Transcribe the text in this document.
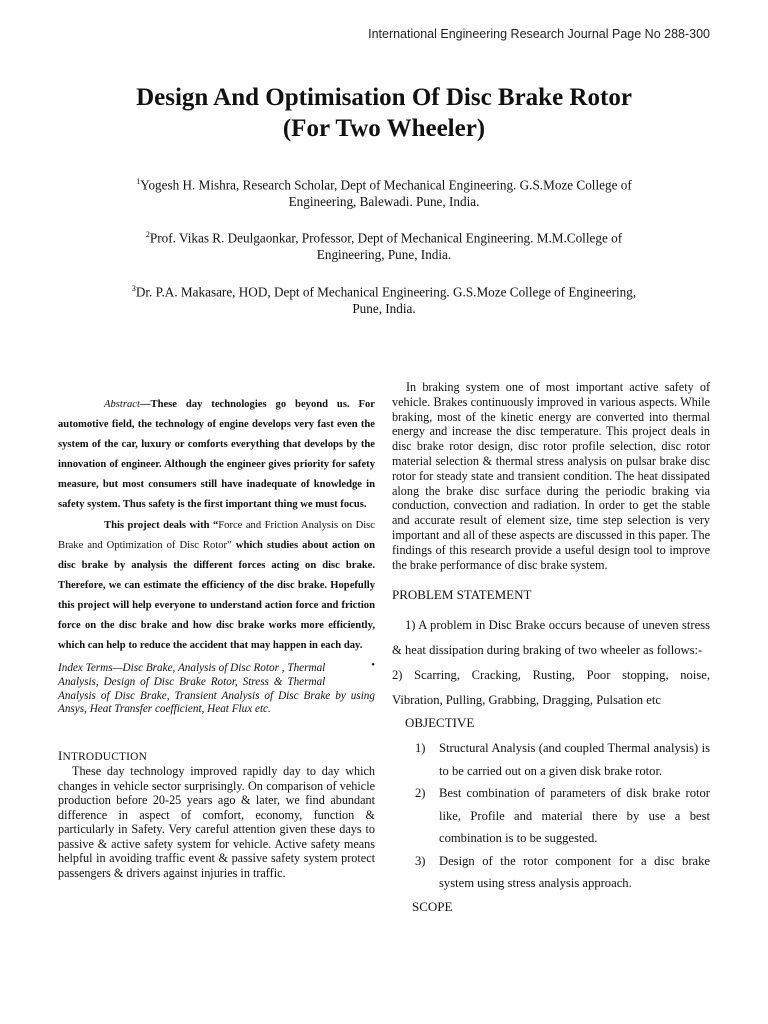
International Engineering Research Journal Page No 288-300
Design And Optimisation Of Disc Brake Rotor
(For Two Wheeler)
$^1$Yogesh H. Mishra, Research Scholar, Dept of Mechanical Engineering. G.S.Moze College of
Engineering, Balewadi. Pune, India.
$^2$Prof. Vikas R. Deulgaonkar, Professor, Dept of Mechanical Engineering. M.M.College of
Engineering, Pune, India.
$^3$Dr. P.A. Makasare, HOD, Dept of Mechanical Engineering. G.S.Moze College of Engineering,
Pune, India.

Abstract—These day technologies go beyond us. For automotive field, the technology of engine develops very fast even the system of the car, luxury or comforts everything that develops by the innovation of engineer. Although the engineer gives priority for safety measure, but most consumers still have inadequate of knowledge in safety system. Thus safety is the first important thing we must focus.

This project deals with “Force and Friction Analysis on Disc Brake and Optimization of Disc Rotor” which studies about action on disc brake by analysis the different forces acting on disc brake. Therefore, we can estimate the efficiency of the disc brake. Hopefully this project will help everyone to understand action force and friction force on the disc brake and how disc brake works more efficiently, which can help to reduce the accident that may happen in each day.
•

Index Terms—Disc Brake, Analysis of Disc Rotor , Thermal Analysis, Design of Disc Brake Rotor, Stress & Thermal Analysis of Disc Brake, Transient Analysis of Disc Brake by using Ansys, Heat Transfer coefficient, Heat Flux etc.

INTRODUCTION

These day technology improved rapidly day to day which changes in vehicle sector surprisingly. On comparison of vehicle production before 20-25 years ago & later, we find abundant difference in aspect of comfort, economy, function & particularly in Safety. Very careful attention given these days to passive & active safety system for vehicle. Active safety means helpful in avoiding traffic event & passive safety system protect passengers & drivers against injuries in traffic.

In braking system one of most important active safety of vehicle. Brakes continuously improved in various aspects. While braking, most of the kinetic energy are converted into thermal energy and increase the disc temperature. This project deals in disc brake rotor design, disc rotor profile selection, disc rotor material selection & thermal stress analysis on pulsar brake disc rotor for steady state and transient condition. The heat dissipated along the brake disc surface during the periodic braking via conduction, convection and radiation. In order to get the stable and accurate result of element size, time step selection is very important and all of these aspects are discussed in this paper. The findings of this research provide a useful design tool to improve the brake performance of disc brake system.

PROBLEM STATEMENT

1) A problem in Disc Brake occurs because of uneven stress & heat dissipation during braking of two wheeler as follows:-

2) Scarring, Cracking, Rusting, Poor stopping, noise, Vibration, Pulling, Grabbing, Dragging, Pulsation etc

OBJECTIVE

1) Structural Analysis (and coupled Thermal analysis) is to be carried out on a given disk brake rotor.
2) Best combination of parameters of disk brake rotor like, Profile and material there by use a best combination is to be suggested.
3) Design of the rotor component for a disc brake system using stress analysis approach.

SCOPE
